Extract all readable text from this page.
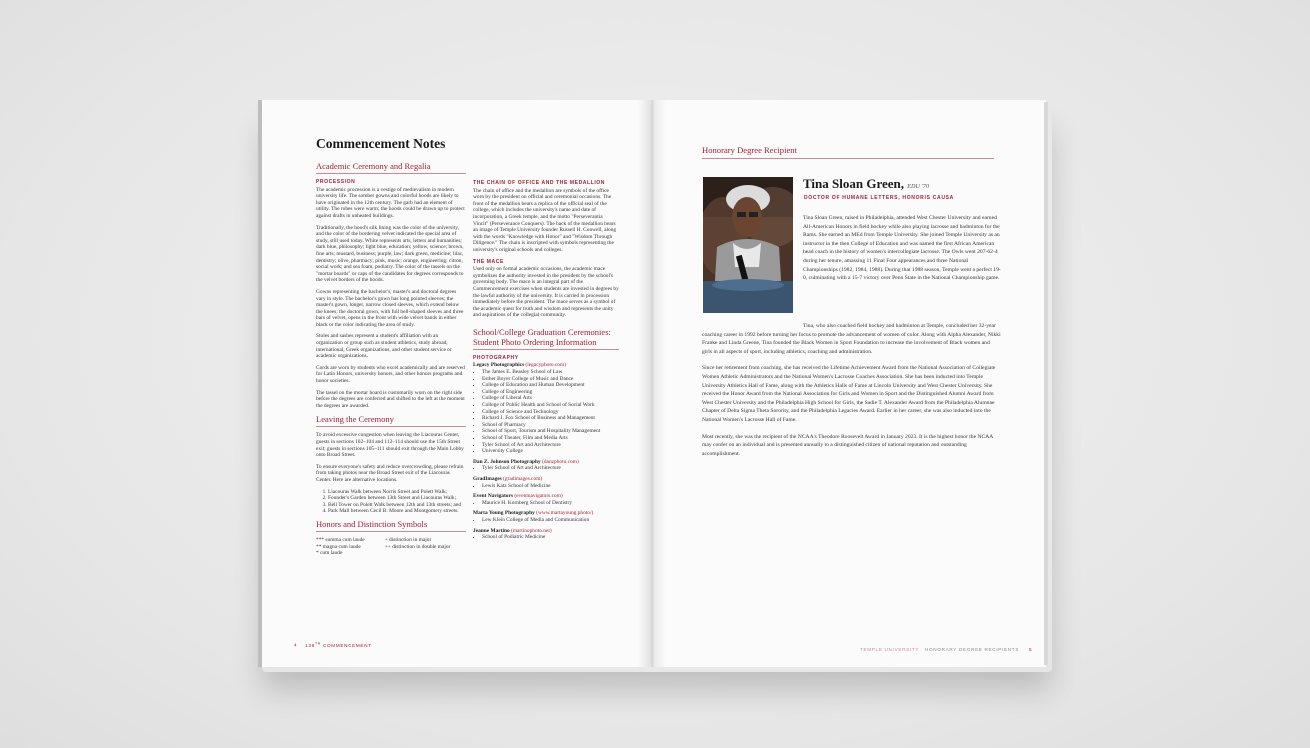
Commencement Notes
Academic Ceremony and Regalia
PROCESSION

The academic procession is a vestige of medievalism in modern university life. The somber gowns and colorful hoods are likely to have originated in the 12th century. The garb had an element of utility. The robes were warm; the hoods could be drawn up to protect against drafts in unheated buildings.

Traditionally, the hood's silk lining was the color of the university, and the color of the bordering velvet indicated the special area of study, still used today. White represents arts, letters and humanities; dark blue, philosophy; light blue, education; yellow, science; brown, fine arts; mustard, business; purple, law; dark green, medicine; lilac, dentistry; olive, pharmacy; pink, music; orange, engineering; citron, social work; and sea foam, podiatry. The color of the tassels on the "mortar boards" or caps of the candidates for degrees corresponds to the velvet borders of the hoods.

Gowns representing the bachelor's, master's and doctoral degrees vary in style. The bachelor's gown has long pointed sleeves; the master's gown, longer, narrow closed sleeves, which extend below the knees; the doctoral gown, with full bell-shaped sleeves and three bars of velvet, opens in the front with wide velvet bands in either black or the color indicating the area of study.

Stoles and sashes represent a student's affiliation with an organization or group such as student athletics, study abroad, international, Greek organizations, and other student service or academic organizations.

Cords are worn by students who excel academically and are reserved for Latin Honors, university honors, and other honors programs and honor societies.

The tassel on the mortar board is customarily worn on the right side before the degrees are conferred and shifted to the left at the moment the degrees are awarded.

Leaving the Ceremony

To avoid excessive congestion when leaving the Liacouras Center, guests in sections 102–104 and 112–114 should use the 15th Street exit; guests in sections 105–111 should exit through the Main Lobby onto Broad Street.

To ensure everyone's safety and reduce overcrowding, please refrain from taking photos near the Broad Street exit of the Liacouras Center. Here are alternative locations.

1. Liacouras Walk between Norris Street and Polett Walk;
2. Founder's Garden between 13th Street and Liacouras Walk;
3. Bell Tower on Polett Walk between 12th and 13th streets; and
4. Park Mall between Cecil B. Moore and Montgomery streets.
Honors and Distinction Symbols
*** summa cum laude
** magna cum laude
* cum laude
+ distinction in major
++ distinction in double major
THE CHAIN OF OFFICE AND THE MEDALLION

The chain of office and the medallion are symbols of the office worn by the president on official and ceremonial occasions. The front of the medallion bears a replica of the official seal of the college, which includes the university's name and date of incorporation, a Greek temple, and the motto "Perseverantia Vincit" (Perseverance Conquers). The back of the medallion bears an image of Temple University founder Russell H. Conwell, along with the words "Knowledge with Honor" and "Wisdom Through Diligence." The chain is inscripted with symbols representing the university's original schools and colleges.

THE MACE

Used only on formal academic occasions, the academic mace symbolizes the authority invested in the president by the school's governing body. The mace is an integral part of the Commencement exercises when students are invested in degrees by the lawful authority of the university. It is carried in procession immediately before the president. The mace serves as a symbol of the academic quest for truth and wisdom and represents the unity and aspirations of the collegial community.

School/College Graduation Ceremonies: Student Photo Ordering Information
PHOTOGRAPHY
Legacy Photographics (legacyphoto.com)
• The James E. Beasley School of Law
• Esther Boyer College of Music and Dance
• College of Education and Human Development
• College of Engineering
• College of Liberal Arts
• College of Public Health and School of Social Work
• College of Science and Technology
• Richard J. Fox School of Business and Management
• School of Pharmacy
• School of Sport, Tourism and Hospitality Management
• School of Theater, Film and Media Arts
• Tyler School of Art and Architecture
• University College
Dan Z. Johnson Photography (danzphoto.com)
• Tyler School of Art and Architecture
GradImages (gradimages.com)
• Lewis Katz School of Medicine
Event Navigators (eventnavigators.com)
• Maurice H. Kornberg School of Dentistry
Marta Young Photography (www.martayoung.photo/)
• Lew Klein College of Media and Communication
Jeanne Martino (martinophoto.net)
• School of Podiatric Medicine
4 138TH COMMENCEMENT
Honorary Degree Recipient
Tina Sloan Green, EDU '70
DOCTOR OF HUMANE LETTERS, HONORIS CAUSA

Tina Sloan Green, raised in Philadelphia, attended West Chester University and earned All-American Honors in field hockey while also playing lacrosse and badminton for the Rams. She earned an MEd from Temple University. She joined Temple University as an instructor in the then College of Education and was named the first African American head coach in the history of women's intercollegiate lacrosse. The Owls went 207-62-4 during her tenure, amassing 11 Final Four appearances and three National Championships (1982, 1984, 1988). During that 1988 season, Temple went a perfect 19-0, culminating with a 15-7 victory over Penn State in the National Championship game.

Tina, who also coached field hockey and badminton at Temple, concluded her 32-year coaching career in 1992 before turning her focus to promote the advancement of women of color. Along with Alpha Alexander, Nikki Franke and Linda Greene, Tina founded the Black Women in Sport Foundation to increase the involvement of Black women and girls in all aspects of sport, including athletics, coaching and administration.

Since her retirement from coaching, she has received the Lifetime Achievement Award from the National Association of Collegiate Women Athletic Administrators and the National Women's Lacrosse Coaches Association. She has been inducted into Temple University Athletics Hall of Fame, along with the Athletics Halls of Fame at Lincoln University and West Chester University. She received the Honor Award from the National Association for Girls and Women in Sport and the Distinguished Alumni Award from West Chester University and the Philadelphia High School for Girls, the Sadie T. Alexander Award from the Philadelphia Alumnae Chapter of Delta Sigma Theta Sorority, and the Philadelphia Legacies Award. Earlier in her career, she was also inducted into the National Women's Lacrosse Hall of Fame.

Most recently, she was the recipient of the NCAA's Theodore Roosevelt Award in January 2023. It is the highest honor the NCAA may confer on an individual and is presented annually to a distinguished citizen of national reputation and outstanding accomplishment.

TEMPLE UNIVERSITY HONORARY DEGREE RECIPIENTS 5
